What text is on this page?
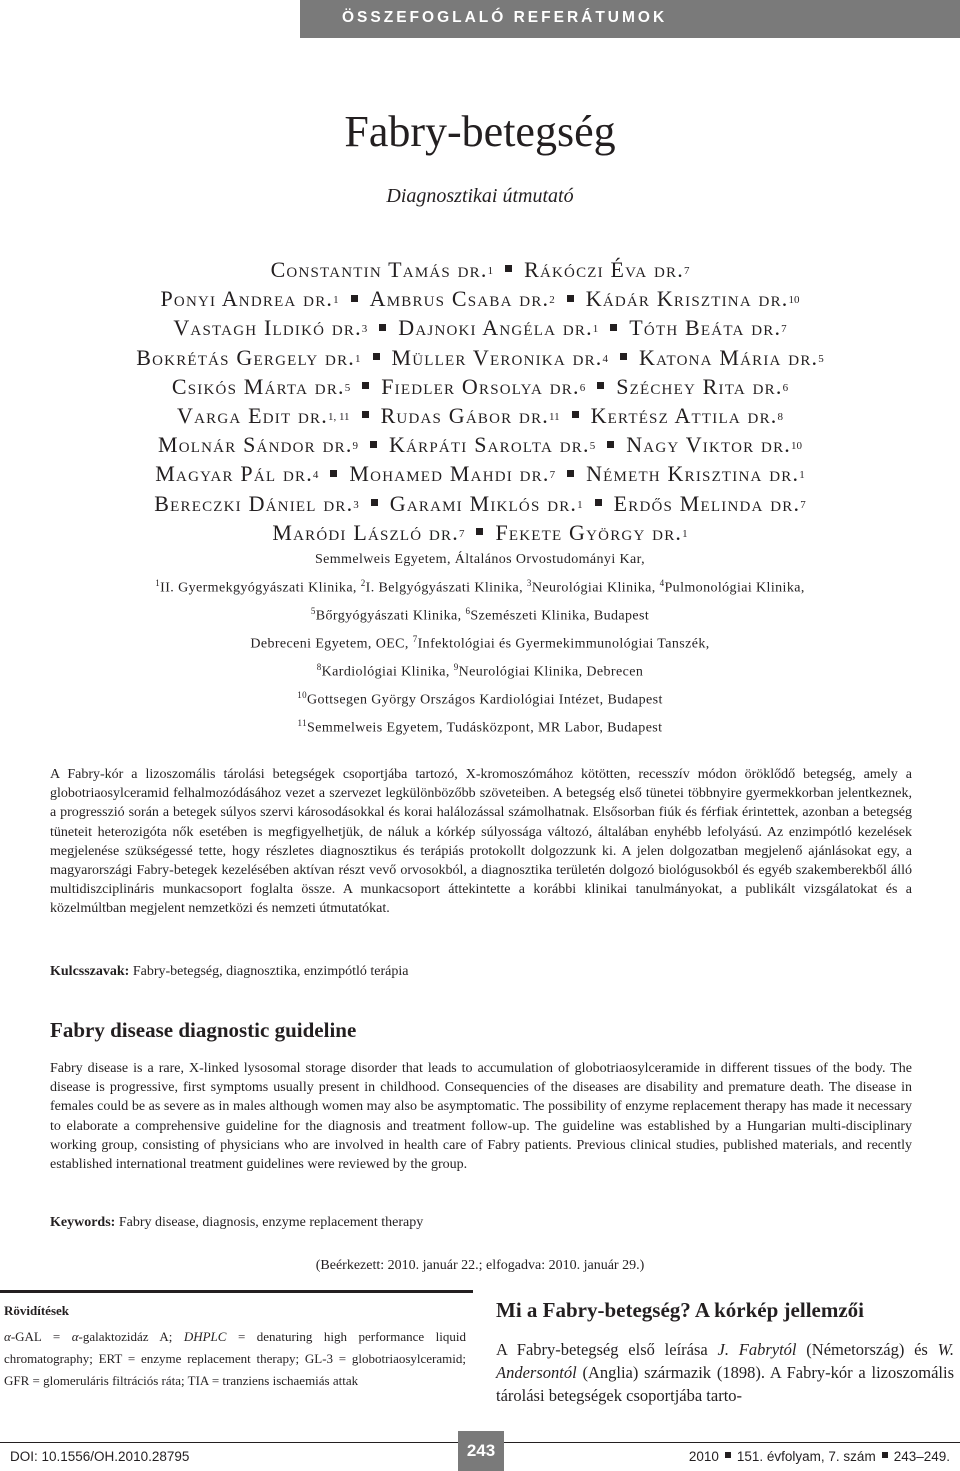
ÖSSZEFOGLALÓ REFERÁTUMOK
Fabry-betegség
Diagnosztikai útmutató
Constantin Tamás dr.$^1$ Rákóczi Éva dr.$^7$
Ponyi Andrea dr.$^1$ Ambrus Csaba dr.$^2$ Kádár Krisztina dr.$^{10}$
Vastagh Ildikó dr.$^3$ Dajnoki Angéla dr.$^1$ Tóth Beáta dr.$^7$
Bokrétás Gergely dr.$^1$ Müller Veronika dr.$^4$ Katona Mária dr.$^5$
Csikós Márta dr.$^5$ Fiedler Orsolya dr.$^6$ Széchey Rita dr.$^6$
Varga Edit dr.$^{1, 11}$ Rudas Gábor dr.$^{11}$ Kertész Attila dr.$^8$
Molnár Sándor dr.$^9$ Kárpáti Sarolta dr.$^5$ Nagy Viktor dr.$^{10}$
Magyar Pál dr.$^4$ Mohamed Mahdi dr.$^7$ Németh Krisztina dr.$^1$
Bereczki Dániel dr.$^3$ Garami Miklós dr.$^1$ Erdős Melinda dr.$^7$
Maródi László dr.$^7$ Fekete György dr.$^1$
Semmelweis Egyetem, Általános Orvostudományi Kar,
$^1$II. Gyermekgyógyászati Klinika, $^2$I. Belgyógyászati Klinika, $^3$Neurológiai Klinika, $^4$Pulmonológiai Klinika,
$^5$Bőrgyógyászati Klinika, $^6$Szemészeti Klinika, Budapest
Debreceni Egyetem, OEC, $^7$Infektológiai és Gyermekimmunológiai Tanszék,
$^8$Kardiológiai Klinika, $^9$Neurológiai Klinika, Debrecen
$^{10}$Gottsegen György Országos Kardiológiai Intézet, Budapest
$^{11}$Semmelweis Egyetem, Tudásközpont, MR Labor, Budapest
A Fabry-kór a lizoszomális tárolási betegségek csoportjába tartozó, X-kromoszómához kötötten, recesszív módon öröklődő betegség, amely a globotriaosylceramid felhalmozódásához vezet a szervezet legkülönbözőbb szöveteiben. A betegség első tünetei többnyire gyermekkorban jelentkeznek, a progresszió során a betegek súlyos szervi károsodásokkal és korai halálozással számolhatnak. Elsősorban fiúk és férfiak érintettek, azonban a betegség tüneteit heterozigóta nők esetében is megfigyelhetjük, de náluk a kórkép súlyossága változó, általában enyhébb lefolyású. Az enzimpótló kezelések megjelenése szükségessé tette, hogy részletes diagnosztikus és terápiás protokollt dolgozzunk ki. A jelen dolgozatban megjelenő ajánlásokat egy, a magyarországi Fabry-betegek kezelésében aktívan részt vevő orvosokból, a diagnosztika területén dolgozó biológusokból és egyéb szakemberekből álló multidiszciplináris munkacsoport foglalta össze. A munkacsoport áttekintette a korábbi klinikai tanulmányokat, a publikált vizsgálatokat és a közelmúltban megjelent nemzetközi és nemzeti útmutatókat.
Kulcsszavak: Fabry-betegség, diagnosztika, enzimpótló terápia
Fabry disease diagnostic guideline
Fabry disease is a rare, X-linked lysosomal storage disorder that leads to accumulation of globotriaosylceramide in different tissues of the body. The disease is progressive, first symptoms usually present in childhood. Consequencies of the diseases are disability and premature death. The disease in females could be as severe as in males although women may also be asymptomatic. The possibility of enzyme replacement therapy has made it necessary to elaborate a comprehensive guideline for the diagnosis and treatment follow-up. The guideline was established by a Hungarian multi-disciplinary working group, consisting of physicians who are involved in health care of Fabry patients. Previous clinical studies, published materials, and recently established international treatment guidelines were reviewed by the group.
Keywords: Fabry disease, diagnosis, enzyme replacement therapy
(Beérkezett: 2010. január 22.; elfogadva: 2010. január 29.)
Rövidítések
α-GAL = α-galaktozidáz A; DHPLC = denaturing high performance liquid chromatography; ERT = enzyme replacement therapy; GL-3 = globotriaosylceramid; GFR = glomeruláris filtrációs ráta; TIA = tranziens ischaemiás attak
Mi a Fabry-betegség? A kórkép jellemzői
A Fabry-betegség első leírása J. Fabrytól (Németország) és W. Andersontól (Anglia) származik (1898). A Fabry-kór a lizoszomális tárolási betegségek csoportjába tarto-
DOI: 10.1556/OH.2010.28795	243	2010 151. évfolyam, 7. szám 243–249.
